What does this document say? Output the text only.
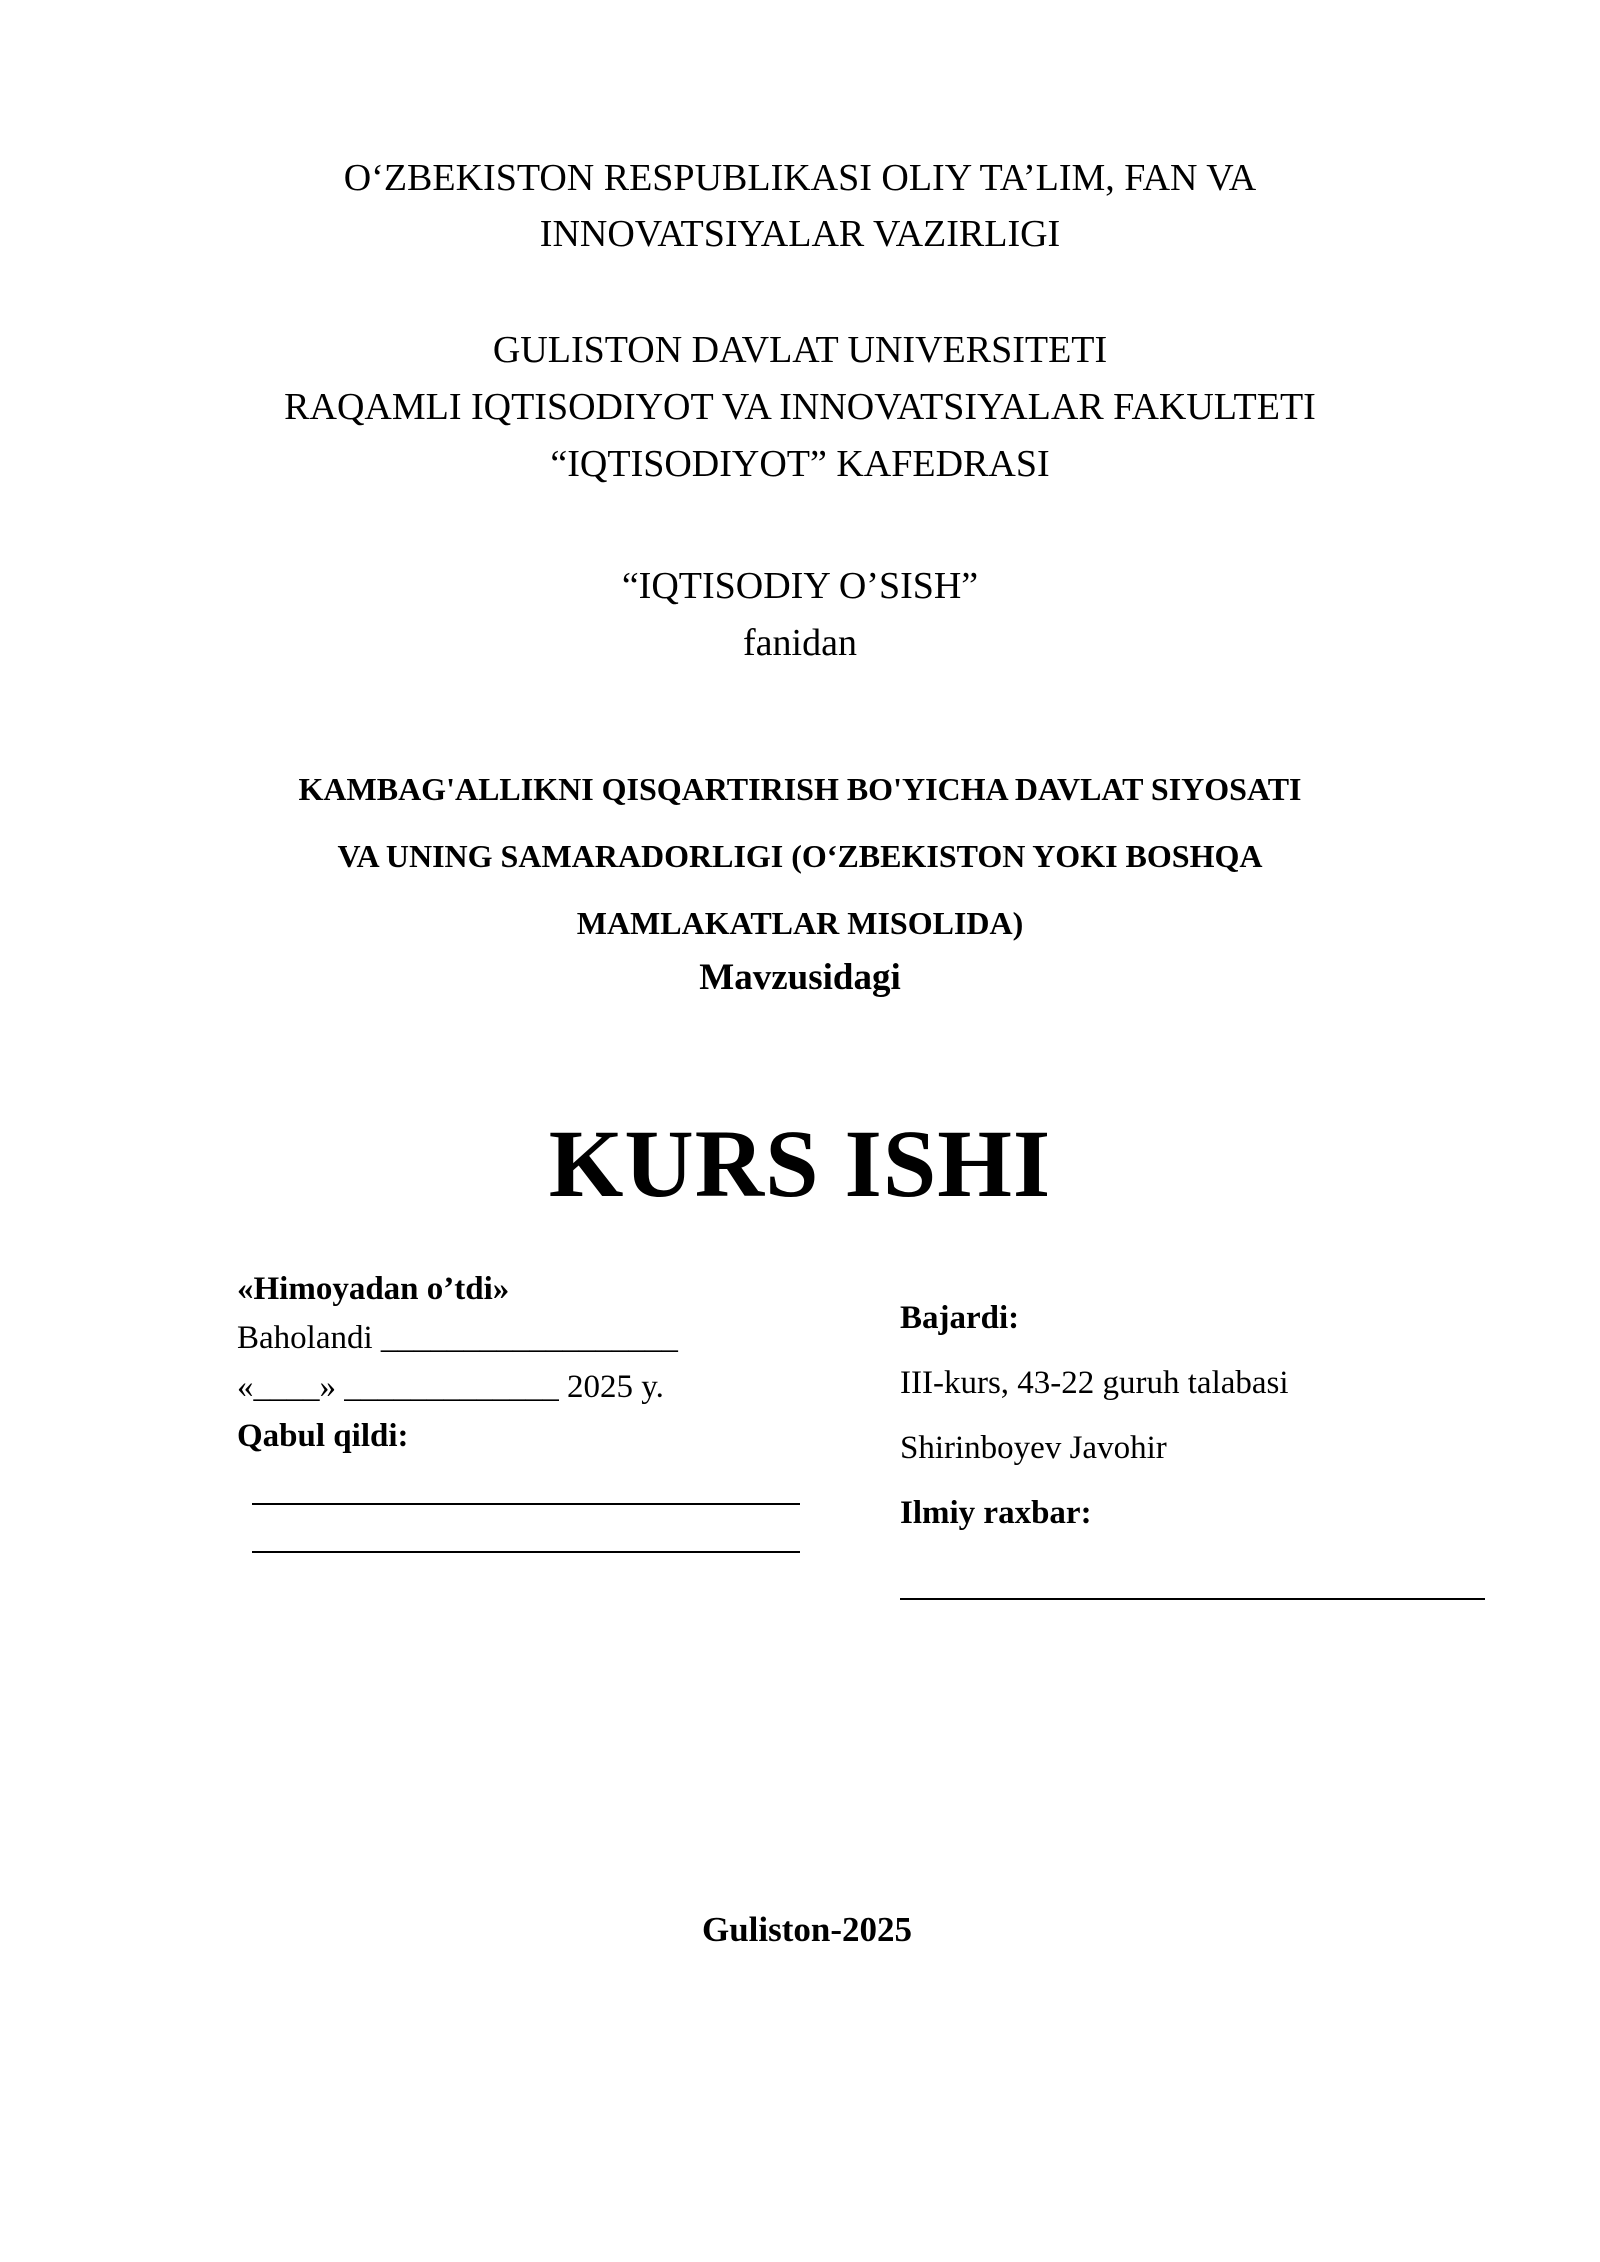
O‘ZBEKISTON RESPUBLIKASI OLIY TA’LIM, FAN VA
INNOVATSIYALAR VAZIRLIGI
GULISTON DAVLAT UNIVERSITETI
RAQAMLI IQTISODIYOT VA INNOVATSIYALAR FAKULTETI
“IQTISODIYOT” KAFEDRASI
“IQTISODIY O’SISH”
fanidan
KAMBAG'ALLIKNI QISQARTIRISH BO'YICHA DAVLAT SIYOSATI
VA UNING SAMARADORLIGI (O‘ZBEKISTON YOKI BOSHQA
MAMLAKATLAR MISOLIDA)
Mavzusidagi
KURS ISHI
«Himoyadan o’tdi»
Baholandi __________________
«____» _____________ 2025 y.
Qabul qildi:
Bajardi:
III-kurs, 43-22 guruh talabasi
Shirinboyev Javohir
Ilmiy raxbar:
Guliston-2025
